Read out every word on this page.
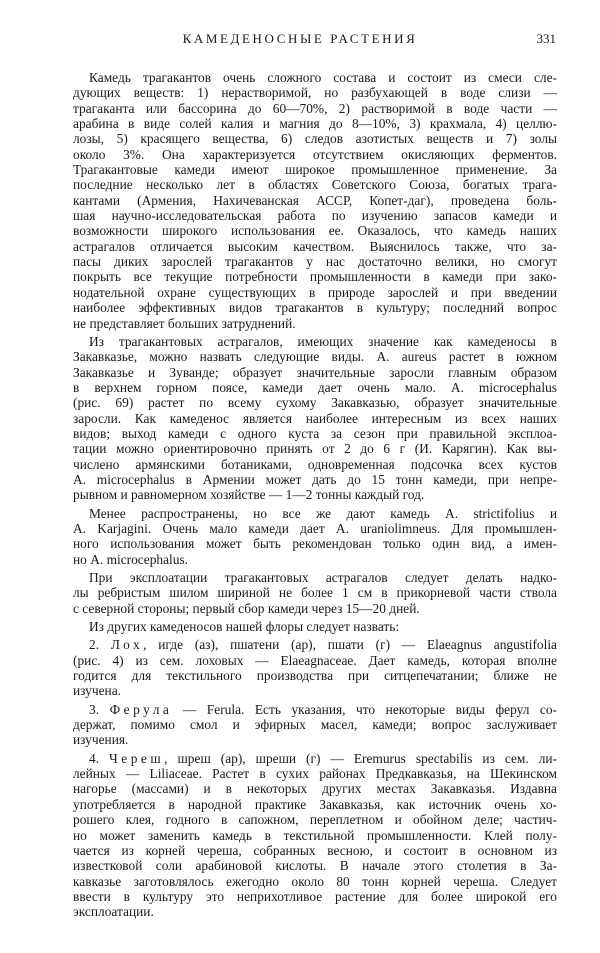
КАМЕДЕНОСНЫЕ РАСТЕНИЯ	331
Камедь трагакантов очень сложного состава и состоит из смеси сле-
дующих веществ: 1) нерастворимой, но разбухающей в воде слизи —
трагаканта или бассорина до 60—70%, 2) растворимой в воде части —
арабина в виде солей калия и магния до 8—10%, 3) крахмала, 4) целлю-
лозы, 5) красящего вещества, 6) следов азотистых веществ и 7) золы
около 3%. Она характеризуется отсутствием окисляющих ферментов.
Трагакантовые камеди имеют широкое промышленное применение. За
последние несколько лет в областях Советского Союза, богатых трага-
кантами (Армения, Нахичеванская АССР, Копет-даг), проведена боль-
шая научно-исследовательская работа по изучению запасов камеди и
возможности широкого использования ее. Оказалось, что камедь наших
астрагалов отличается высоким качеством. Выяснилось также, что за-
пасы диких зарослей трагакантов у нас достаточно велики, но смогут
покрыть все текущие потребности промышленности в камеди при зако-
нодательной охране существующих в природе зарослей и при введении
наиболее эффективных видов трагакантов в культуру; последний вопрос
не представляет больших затруднений.
Из трагакантовых астрагалов, имеющих значение как камеденосы в
Закавказье, можно назвать следующие виды. A. aureus растет в южном
Закавказье и Зуванде; образует значительные заросли главным образом
в верхнем горном поясе, камеди дает очень мало. A. microcephalus
(рис. 69) растет по всему сухому Закавказью, образует значительные
заросли. Как камеденос является наиболее интересным из всех наших
видов; выход камеди с одного куста за сезон при правильной эксплоа-
тации можно ориентировочно принять от 2 до 6 г (И. Карягин). Как вы-
числено армянскими ботаниками, одновременная подсочка всех кустов
A. microcephalus в Армении может дать до 15 тонн камеди, при непре-
рывном и равномерном хозяйстве — 1—2 тонны каждый год.
Менее распространены, но все же дают камедь A. strictifolius и
A. Karjagini. Очень мало камеди дает A. uraniolimneus. Для промышлен-
ного использования может быть рекомендован только один вид, а имен-
но A. microcephalus.
При эксплоатации трагакантовых астрагалов следует делать надко-
лы ребристым шилом шириной не более 1 см в прикорневой части ствола
с северной стороны; первый сбор камеди через 15—20 дней.
Из других камеденосов нашей флоры следует назвать:
2. Лох, игде (аз), пшатени (ар), пшати (г) — Elaeagnus angustifolia
(рис. 4) из сем. лоховых — Elaeagnaceae. Дает камедь, которая вполне
годится для текстильного производства при ситцепечатании; ближе не
изучена.
3. Ферула — Ferula. Есть указания, что некоторые виды ферул со-
держат, помимо смол и эфирных масел, камеди; вопрос заслуживает
изучения.
4. Череш, шреш (ар), шреши (г) — Eremurus spectabilis из сем. ли-
лейных — Liliaceae. Растет в сухих районах Предкавказья, на Шекинском
нагорье (массами) и в некоторых других местах Закавказья. Издавна
употребляется в народной практике Закавказья, как источник очень хо-
рошего клея, годного в сапожном, переплетном и обойном деле; частич-
но может заменить камедь в текстильной промышленности. Клей полу-
чается из корней череша, собранных весною, и состоит в основном из
известковой соли арабиновой кислоты. В начале этого столетия в За-
кавказье заготовлялось ежегодно около 80 тонн корней череша. Следует
ввести в культуру это неприхотливое растение для более широкой его
эксплоатации.
